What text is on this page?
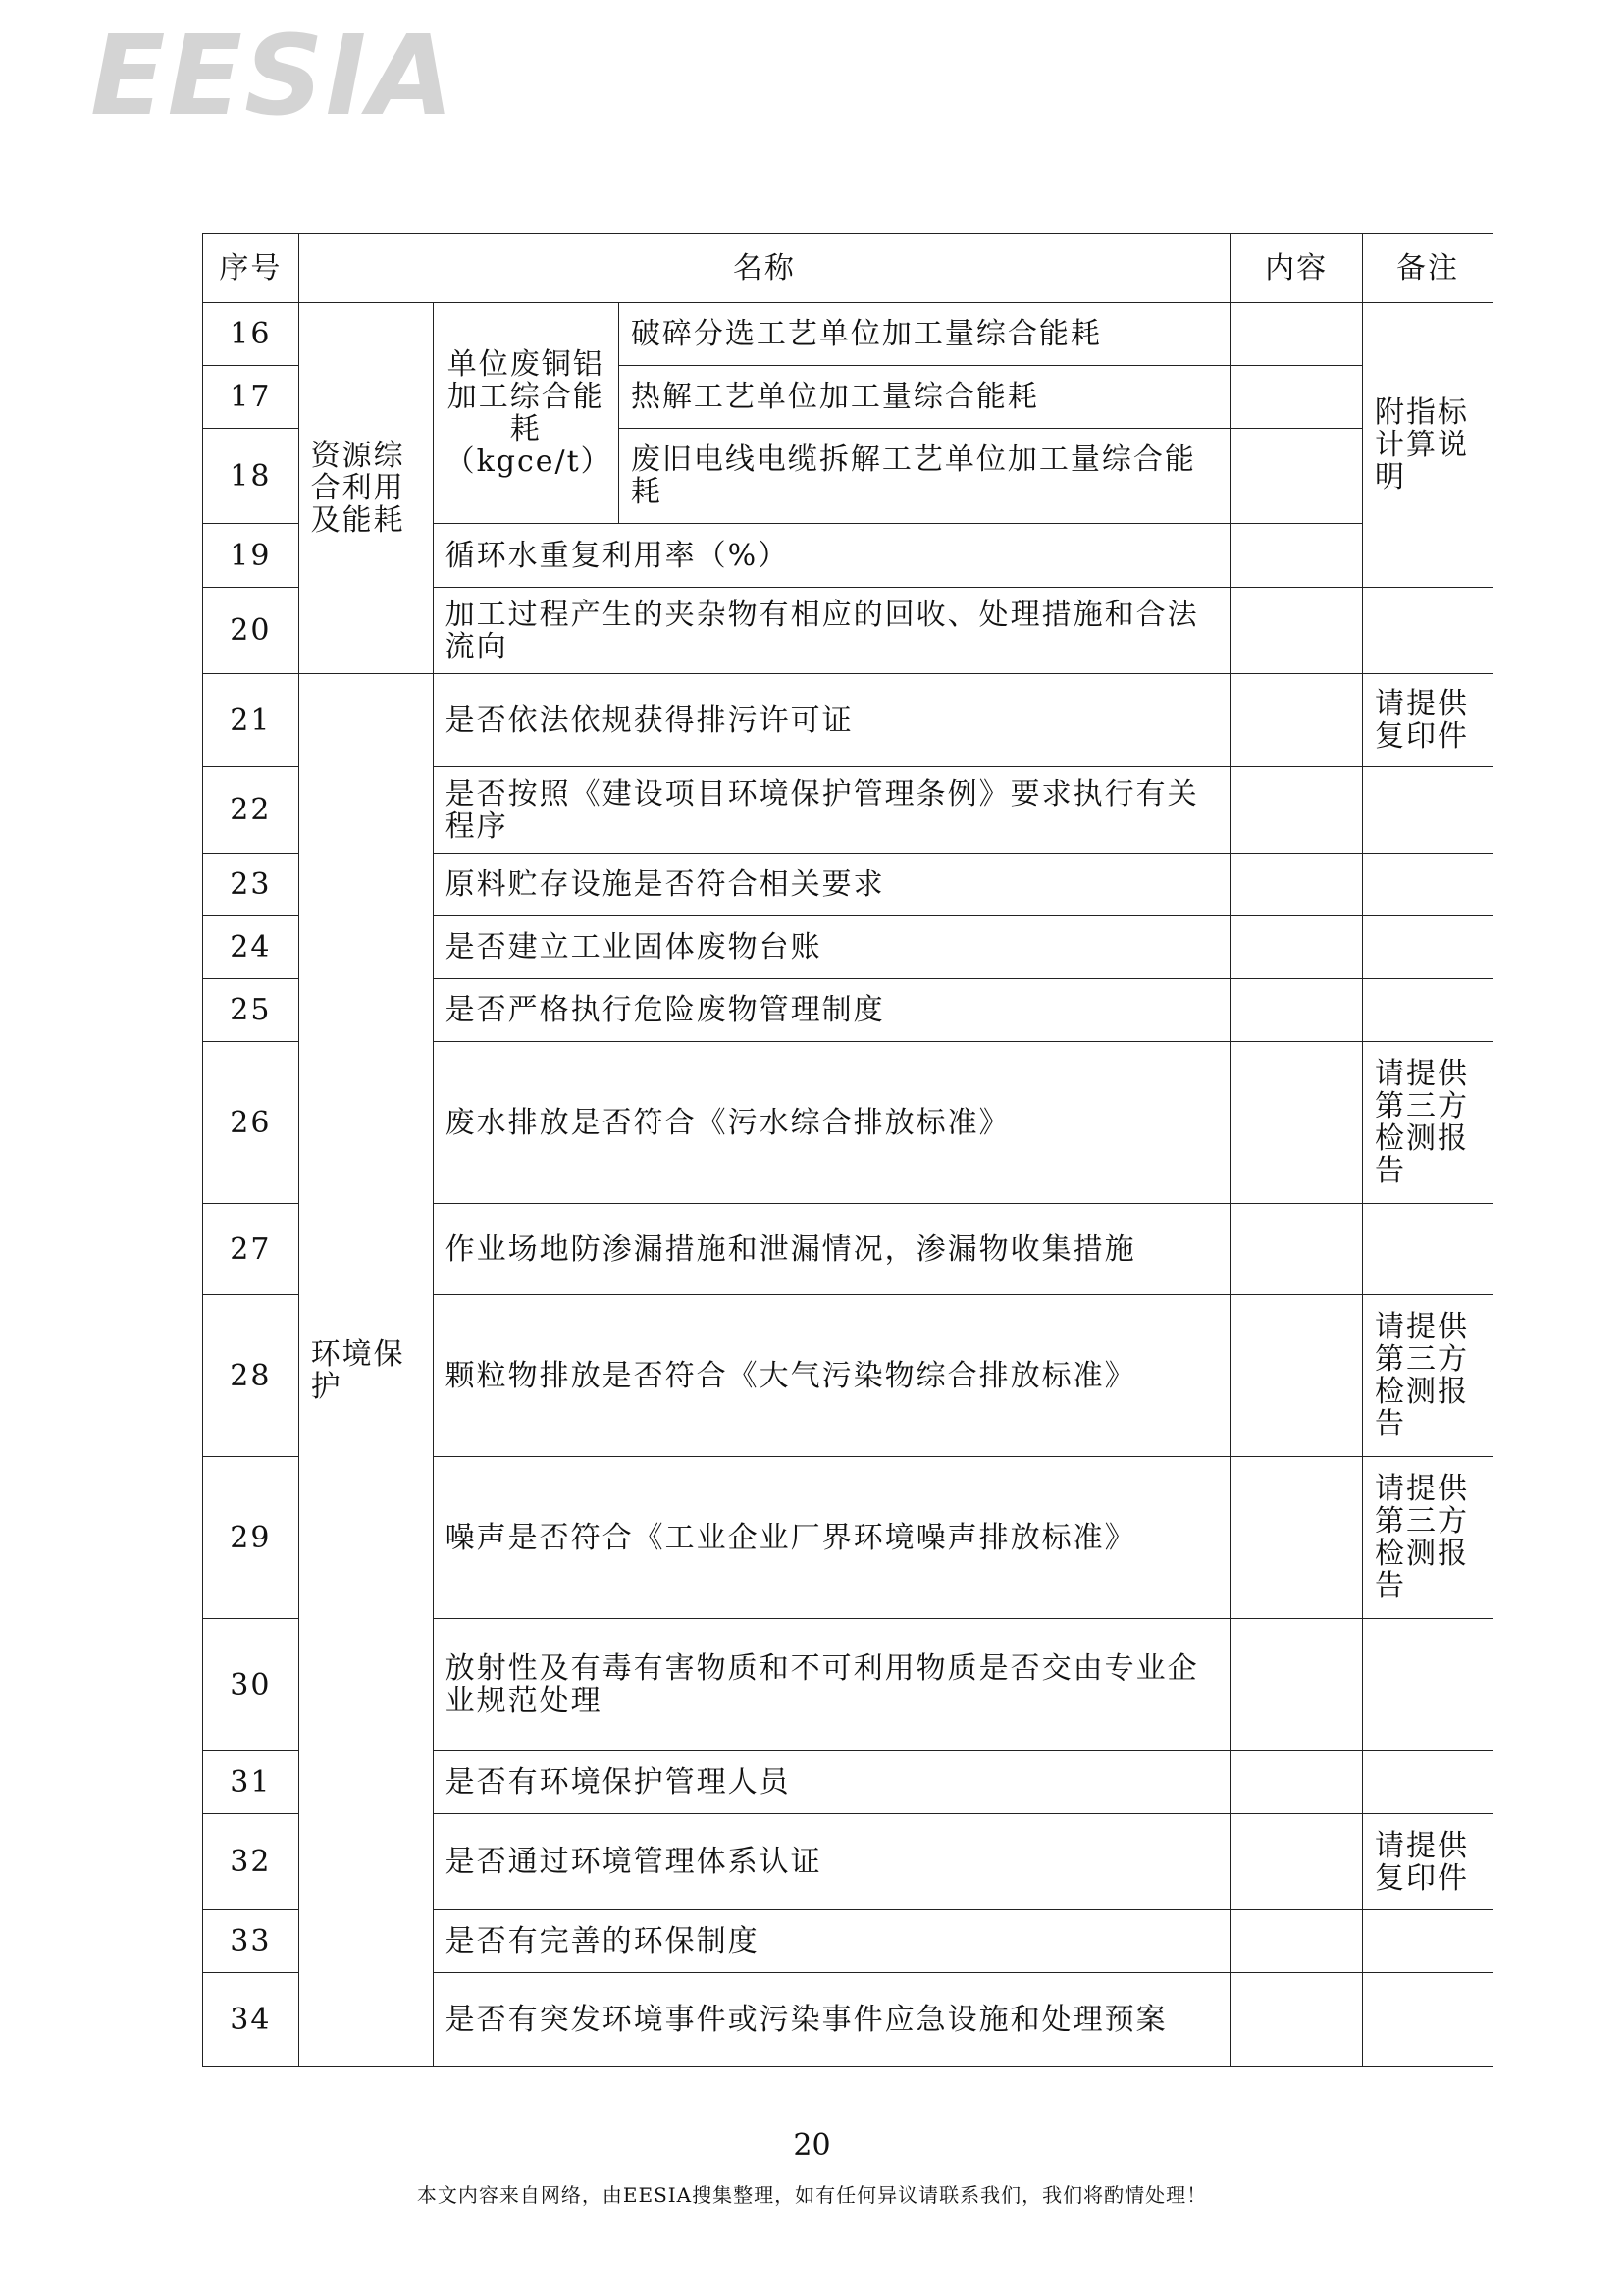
EESIA
序号	名称			内容	备注
16	资源综合利用及能耗	单位废铜铝加工综合能耗（kgce/t）	破碎分选工艺单位加工量综合能耗		附指标计算说明
17			热解工艺单位加工量综合能耗		
18			废旧电线电缆拆解工艺单位加工量综合能耗		
19		循环水重复利用率（%）			
20		加工过程产生的夹杂物有相应的回收、处理措施和合法流向			
21	环境保护	是否依法依规获得排污许可证			请提供复印件
22		是否按照《建设项目环境保护管理条例》要求执行有关程序			
23		原料贮存设施是否符合相关要求			
24		是否建立工业固体废物台账			
25		是否严格执行危险废物管理制度			
26		废水排放是否符合《污水综合排放标准》			请提供第三方检测报告
27		作业场地防渗漏措施和泄漏情况，渗漏物收集措施			
28		颗粒物排放是否符合《大气污染物综合排放标准》			请提供第三方检测报告
29		噪声是否符合《工业企业厂界环境噪声排放标准》			请提供第三方检测报告
30		放射性及有毒有害物质和不可利用物质是否交由专业企业规范处理			
31		是否有环境保护管理人员			
32		是否通过环境管理体系认证			请提供复印件
33		是否有完善的环保制度			
34		是否有突发环境事件或污染事件应急设施和处理预案			
20
本文内容来自网络，由EESIA搜集整理，如有任何异议请联系我们，我们将酌情处理！
